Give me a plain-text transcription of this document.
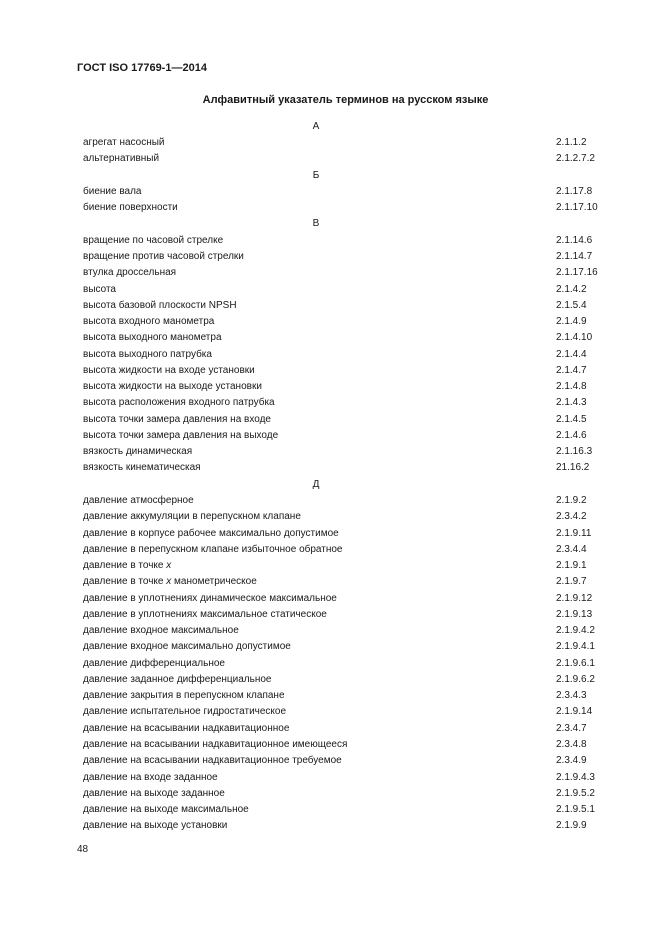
ГОСТ ISO 17769-1—2014
Алфавитный указатель терминов на русском языке
А
агрегат насосный	2.1.1.2
альтернативный	2.1.2.7.2
Б
биение вала	2.1.17.8
биение поверхности	2.1.17.10
В
вращение по часовой стрелке	2.1.14.6
вращение против часовой стрелки	2.1.14.7
втулка дроссельная	2.1.17.16
высота	2.1.4.2
высота базовой плоскости NPSH	2.1.5.4
высота входного манометра	2.1.4.9
высота выходного манометра	2.1.4.10
высота выходного патрубка	2.1.4.4
высота жидкости на входе установки	2.1.4.7
высота жидкости на выходе установки	2.1.4.8
высота расположения входного патрубка	2.1.4.3
высота точки замера давления на входе	2.1.4.5
высота точки замера давления на выходе	2.1.4.6
вязкость динамическая	2.1.16.3
вязкость кинематическая	21.16.2
Д
давление атмосферное	2.1.9.2
давление аккумуляции в перепускном клапане	2.3.4.2
давление в корпусе рабочее максимально допустимое	2.1.9.11
давление в перепускном клапане избыточное обратное	2.3.4.4
давление в точке x	2.1.9.1
давление в точке x манометрическое	2.1.9.7
давление в уплотнениях динамическое максимальное	2.1.9.12
давление в уплотнениях максимальное статическое	2.1.9.13
давление входное максимальное	2.1.9.4.2
давление входное максимально допустимое	2.1.9.4.1
давление дифференциальное	2.1.9.6.1
давление заданное дифференциальное	2.1.9.6.2
давление закрытия в перепускном клапане	2.3.4.3
давление испытательное гидростатическое	2.1.9.14
давление на всасывании надкавитационное	2.3.4.7
давление на всасывании надкавитационное имеющееся	2.3.4.8
давление на всасывании надкавитационное требуемое	2.3.4.9
давление на входе заданное	2.1.9.4.3
давление на выходе заданное	2.1.9.5.2
давление на выходе максимальное	2.1.9.5.1
давление на выходе установки	2.1.9.9
48
